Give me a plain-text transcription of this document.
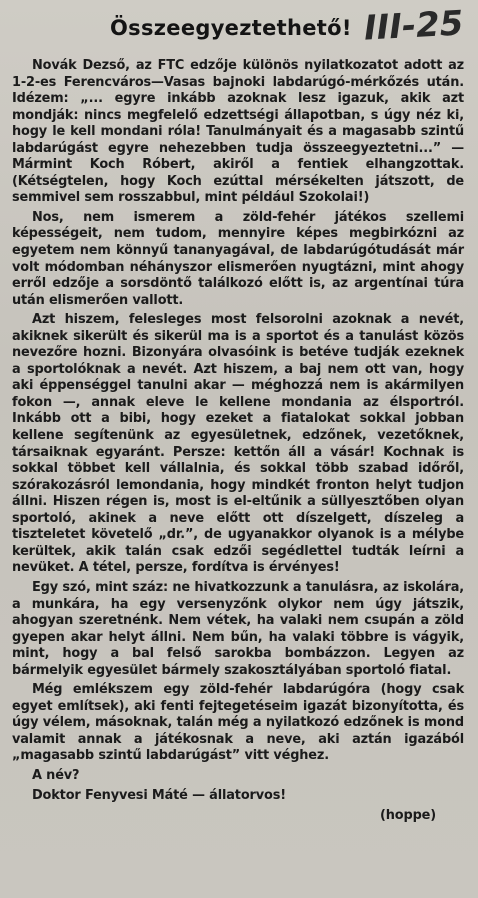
Összeegyeztethető! III-25

Novák Dezső, az FTC edzője különös nyilatkozatot adott az 1-2-es Ferencváros—Vasas bajnoki labdarúgó-mérkőzés után. Idézem: „... egyre inkább azoknak lesz igazuk, akik azt mondják: nincs megfelelő edzettségi állapotban, s úgy néz ki, hogy le kell mondani róla! Tanulmányait és a magasabb szintű labdarúgást egyre nehezebben tudja összeegyeztetni...” — Mármint Koch Róbert, akiről a fentiek elhangzottak. (Kétségtelen, hogy Koch ezúttal mérsékelten játszott, de semmivel sem rosszabbul, mint például Szokolai!)

Nos, nem ismerem a zöld-fehér játékos szellemi képességeit, nem tudom, mennyire képes megbirkózni az egyetem nem könnyű tananyagával, de labdarúgótudását már volt módomban néhányszor elismerően nyugtázni, mint ahogy erről edzője a sorsdöntő találkozó előtt is, az argentínai túra után elismerően vallott.

Azt hiszem, felesleges most felsorolni azoknak a nevét, akiknek sikerült és sikerül ma is a sportot és a tanulást közös nevezőre hozni. Bizonyára olvasóink is betéve tudják ezeknek a sportolóknak a nevét. Azt hiszem, a baj nem ott van, hogy aki éppenséggel tanulni akar — méghozzá nem is akármilyen fokon —, annak eleve le kellene mondania az élsportról. Inkább ott a bibi, hogy ezeket a fiatalokat sokkal jobban kellene segítenünk az egyesületnek, edzőnek, vezetőknek, társaiknak egyaránt. Persze: kettőn áll a vásár! Kochnak is sokkal többet kell vállalnia, és sokkal több szabad időről, szórakozásról lemondania, hogy mindkét fronton helyt tudjon állni. Hiszen régen is, most is el-eltűnik a süllyesztőben olyan sportoló, akinek a neve előtt ott díszelgett, díszeleg a tiszteletet követelő „dr.”, de ugyanakkor olyanok is a mélybe kerültek, akik talán csak edzői segédlettel tudták leírni a nevüket. A tétel, persze, fordítva is érvényes!

Egy szó, mint száz: ne hivatkozzunk a tanulásra, az iskolára, a munkára, ha egy versenyzőnk olykor nem úgy játszik, ahogyan szeretnénk. Nem vétek, ha valaki nem csupán a zöld gyepen akar helyt állni. Nem bűn, ha valaki többre is vágyik, mint, hogy a bal felső sarokba bombázzon. Legyen az bármelyik egyesület bármely szakosztályában sportoló fiatal.

Még emlékszem egy zöld-fehér labdarúgóra (hogy csak egyet említsek), aki fenti fejtegetéseim igazát bizonyította, és úgy vélem, másoknak, talán még a nyilatkozó edzőnek is mond valamit annak a játékosnak a neve, aki aztán igazából „magasabb szintű labdarúgást” vitt véghez.

A név?

Doktor Fenyvesi Máté — állatorvos!

(hoppe)
